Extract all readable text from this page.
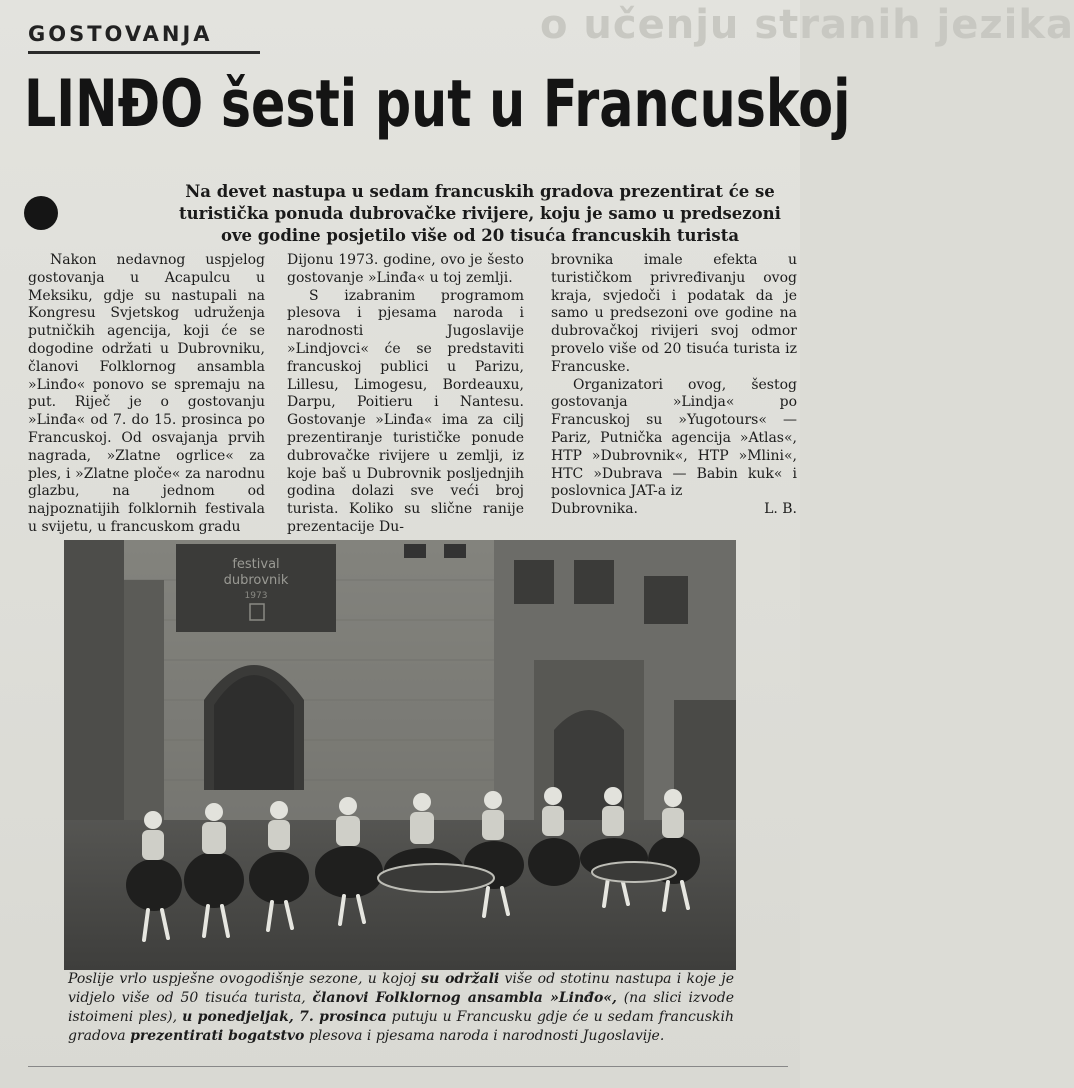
o učenju stranih jezika
GOSTOVANJA
LINĐO šesti put u Francuskoj
Na devet nastupa u sedam francuskih gradova prezentirat će se turistička ponuda dubrovačke rivijere, koju je samo u predsezoni ove godine posjetilo više od 20 tisuća francuskih turista

Nakon nedavnog uspjelog gostovanja u Acapulcu u Meksiku, gdje su nastupali na Kongresu Svjetskog udruženja putničkih agencija, koji će se dogodine održati u Dubrovniku, članovi Folklornog ansambla »Linđo« ponovo se spremaju na put. Riječ je o gostovanju »Linđa« od 7. do 15. prosinca po Francuskoj. Od osvajanja prvih nagrada, »Zlatne ogrlice« za ples, i »Zlatne ploče« za narodnu glazbu, na jednom od najpoznatijih folklornih festivala u svijetu, u francuskom gradu

Dijonu 1973. godine, ovo je šesto gostovanje »Linđa« u toj zemlji.

S izabranim programom plesova i pjesama naroda i narodnosti Jugoslavije »Lindjovci« će se predstaviti francuskoj publici u Parizu, Lillesu, Limogesu, Bordeauxu, Darpu, Poitieru i Nantesu. Gostovanje »Linđa« ima za cilj prezentiranje turističke ponude dubrovačke rivijere u zemlji, iz koje baš u Dubrovnik posljednjih godina dolazi sve veći broj turista. Koliko su slične ranije prezentacije Du-

brovnika imale efekta u turističkom privređivanju ovog kraja, svjedoči i podatak da je samo u predsezoni ove godine na dubrovačkoj rivijeri svoj odmor provelo više od 20 tisuća turista iz Francuske.

Organizatori ovog, šestog gostovanja »Lindja« po Francuskoj su »Yugotours« — Pariz, Putnička agencija »Atlas«, HTP »Dubrovnik«, HTP »Mlini«, HTC »Dubrava — Babin kuk« i poslovnica JAT-a iz

Dubrovnika.	L. B.
festival
dubrovnik
1973
Poslije vrlo uspješne ovogodišnje sezone, u kojoj su održali više od stotinu nastupa i koje je vidjelo više od 50 tisuća turista, članovi Folklornog ansambla »Linđo«, (na slici izvode istoimeni ples), u ponedjeljak, 7. prosinca putuju u Francusku gdje će u sedam francuskih gradova prezentirati bogatstvo plesova i pjesama naroda i narodnosti Jugoslavije.
